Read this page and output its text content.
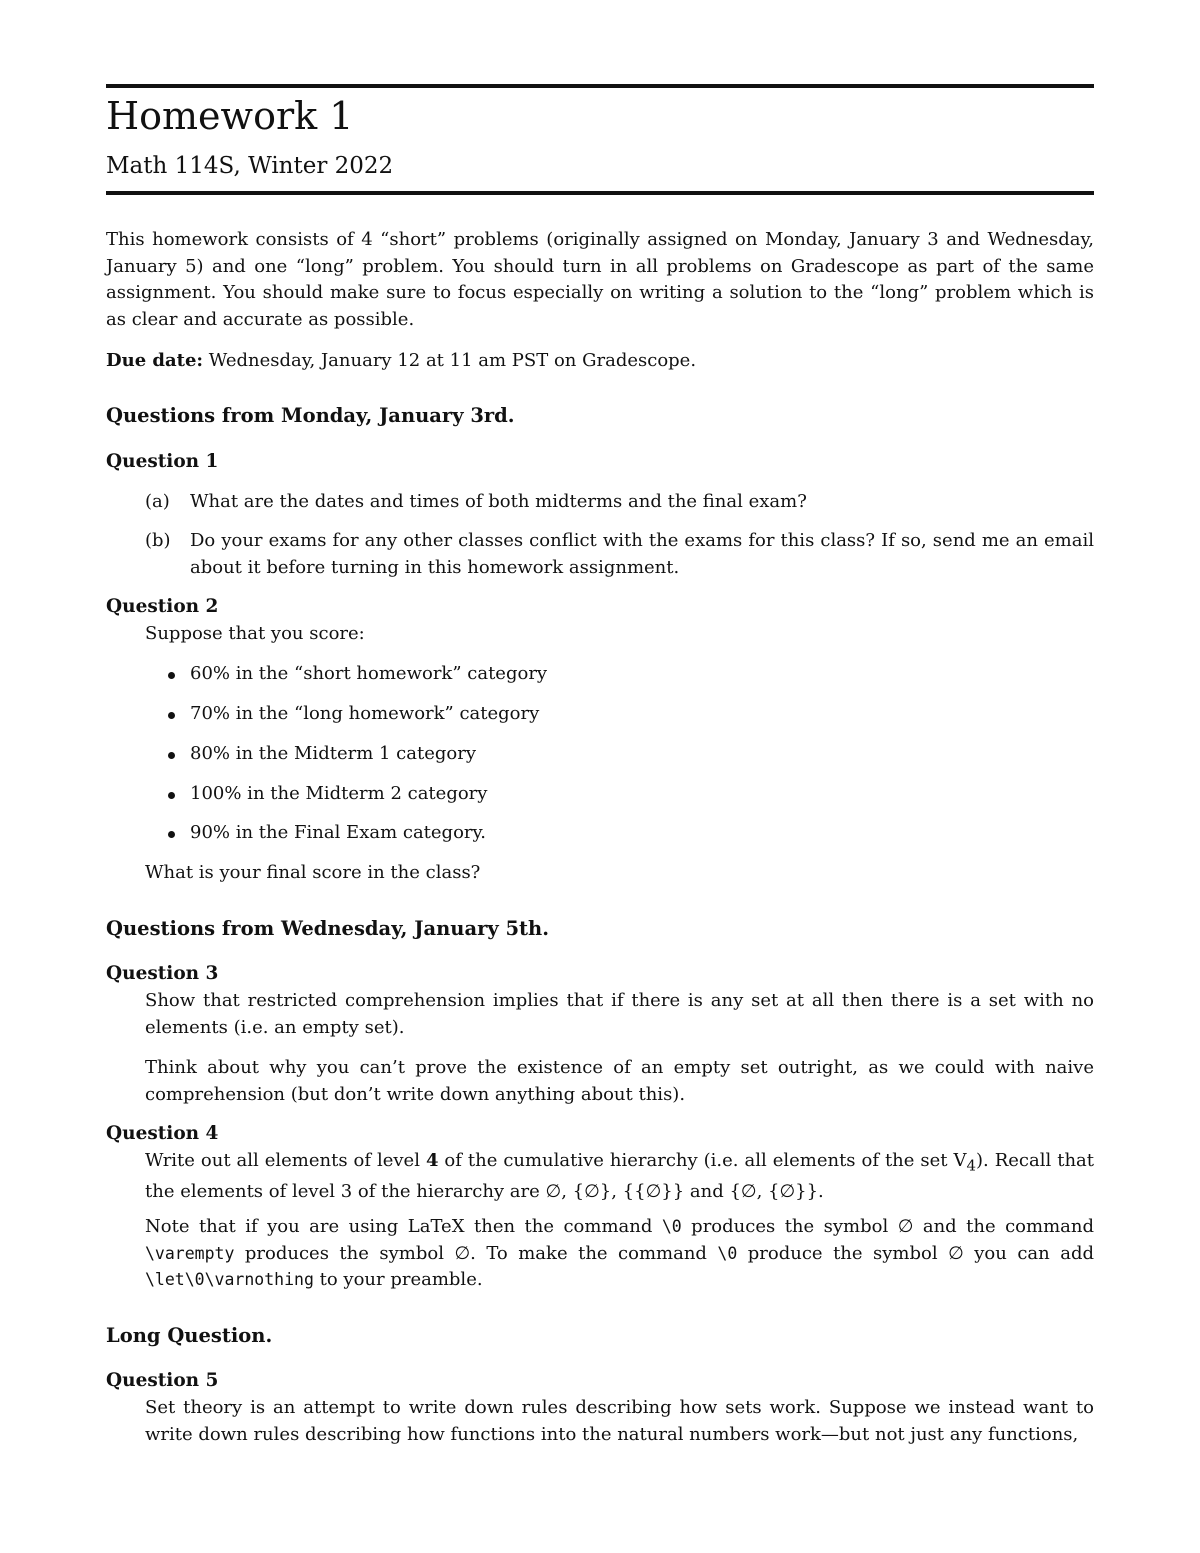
Homework 1
Math 114S, Winter 2022

This homework consists of 4 “short” problems (originally assigned on Monday, January 3 and Wednesday, January 5) and one “long” problem. You should turn in all problems on Gradescope as part of the same assignment. You should make sure to focus especially on writing a solution to the “long” problem which is as clear and accurate as possible.

Due date: Wednesday, January 12 at 11 am PST on Gradescope.

Questions from Monday, January 3rd.
Question 1
(a) What are the dates and times of both midterms and the final exam?
(b) Do your exams for any other classes conflict with the exams for this class? If so, send me an email about it before turning in this homework assignment.
Question 2

Suppose that you score:

60% in the “short homework” category
70% in the “long homework” category
80% in the Midterm 1 category
100% in the Midterm 2 category
90% in the Final Exam category.

What is your final score in the class?

Questions from Wednesday, January 5th.
Question 3

Show that restricted comprehension implies that if there is any set at all then there is a set with no elements (i.e. an empty set).

Think about why you can’t prove the existence of an empty set outright, as we could with naive comprehension (but don’t write down anything about this).

Question 4

Write out all elements of level 4 of the cumulative hierarchy (i.e. all elements of the set $V_4$). Recall that the elements of level 3 of the hierarchy are ∅, {∅}, {{∅}} and {∅, {∅}}.

Note that if you are using LaTeX then the command \0 produces the symbol ∅ and the command \varempty produces the symbol ∅. To make the command \0 produce the symbol ∅ you can add \let\0\varnothing to your preamble.

Long Question.
Question 5

Set theory is an attempt to write down rules describing how sets work. Suppose we instead want to write down rules describing how functions into the natural numbers work—but not just any functions,
